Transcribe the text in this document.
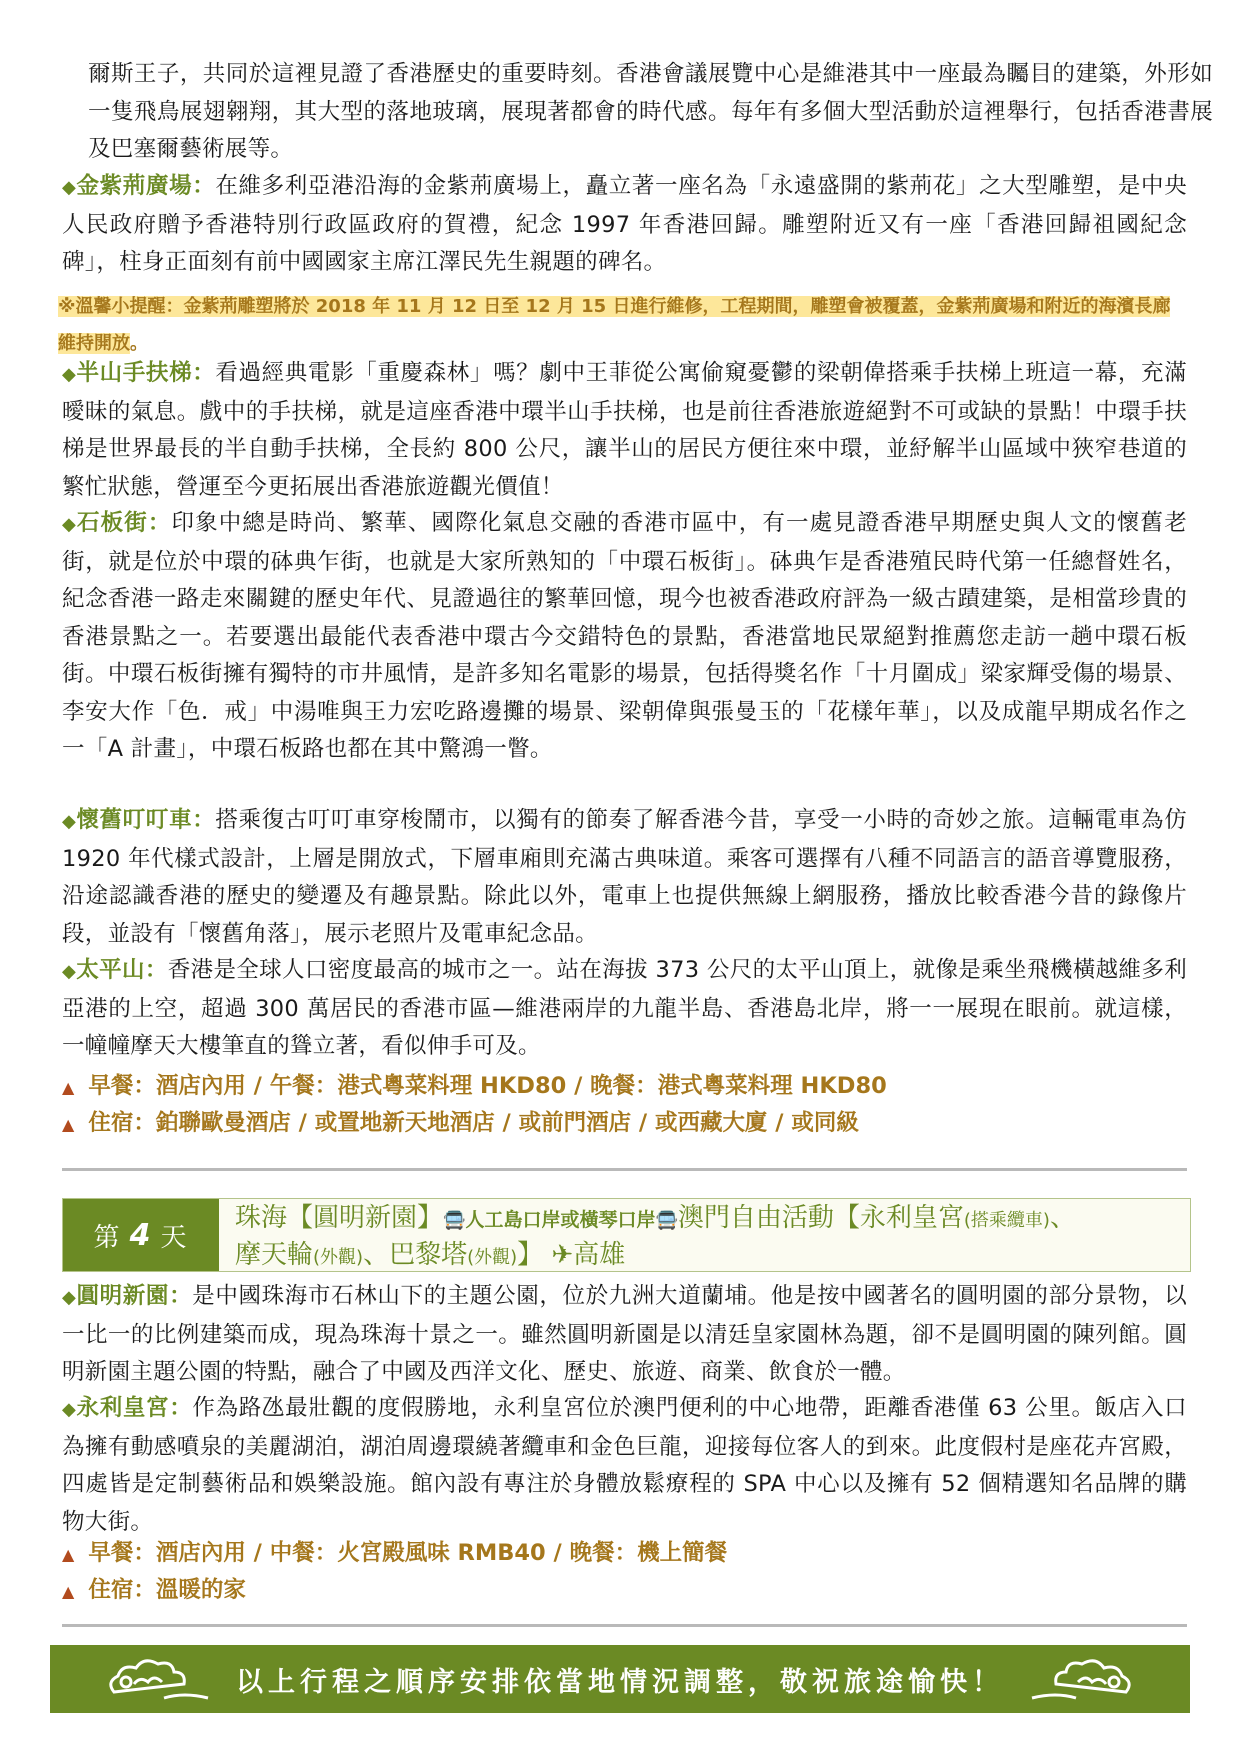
爾斯王子，共同於這裡見證了香港歷史的重要時刻。香港會議展覽中心是維港其中一座最為矚目的建築，外形如一隻飛鳥展翅翱翔，其大型的落地玻璃，展現著都會的時代感。每年有多個大型活動於這裡舉行，包括香港書展及巴塞爾藝術展等。
◆金紫荊廣場：在維多利亞港沿海的金紫荊廣場上，矗立著一座名為「永遠盛開的紫荊花」之大型雕塑，是中央人民政府贈予香港特別行政區政府的賀禮，紀念 1997 年香港回歸。雕塑附近又有一座「香港回歸祖國紀念碑」，柱身正面刻有前中國國家主席江澤民先生親題的碑名。
※溫馨小提醒：金紫荊雕塑將於 2018 年 11 月 12 日至 12 月 15 日進行維修，工程期間，雕塑會被覆蓋，金紫荊廣場和附近的海濱長廊維持開放。
◆半山手扶梯：看過經典電影「重慶森林」嗎？劇中王菲從公寓偷窺憂鬱的梁朝偉搭乘手扶梯上班這一幕，充滿曖昧的氣息。戲中的手扶梯，就是這座香港中環半山手扶梯，也是前往香港旅遊絕對不可或缺的景點！中環手扶梯是世界最長的半自動手扶梯，全長約 800 公尺，讓半山的居民方便往來中環，並紓解半山區域中狹窄巷道的繁忙狀態，營運至今更拓展出香港旅遊觀光價值！
◆石板街：印象中總是時尚、繁華、國際化氣息交融的香港市區中，有一處見證香港早期歷史與人文的懷舊老街，就是位於中環的砵典乍街，也就是大家所熟知的「中環石板街」。砵典乍是香港殖民時代第一任總督姓名，紀念香港一路走來關鍵的歷史年代、見證過往的繁華回憶，現今也被香港政府評為一級古蹟建築，是相當珍貴的香港景點之一。若要選出最能代表香港中環古今交錯特色的景點，香港當地民眾絕對推薦您走訪一趟中環石板街。中環石板街擁有獨特的市井風情，是許多知名電影的場景，包括得獎名作「十月圍成」梁家輝受傷的場景、李安大作「色．戒」中湯唯與王力宏吃路邊攤的場景、梁朝偉與張曼玉的「花樣年華」，以及成龍早期成名作之一「A 計畫」，中環石板路也都在其中驚鴻一瞥。
◆懷舊叮叮車：搭乘復古叮叮車穿梭鬧市，以獨有的節奏了解香港今昔，享受一小時的奇妙之旅。這輛電車為仿 1920 年代樣式設計，上層是開放式，下層車廂則充滿古典味道。乘客可選擇有八種不同語言的語音導覽服務，沿途認識香港的歷史的變遷及有趣景點。除此以外，電車上也提供無線上網服務，播放比較香港今昔的錄像片段，並設有「懷舊角落」，展示老照片及電車紀念品。
◆太平山：香港是全球人口密度最高的城市之一。站在海拔 373 公尺的太平山頂上，就像是乘坐飛機橫越維多利亞港的上空，超過 300 萬居民的香港市區—維港兩岸的九龍半島、香港島北岸，將一一展現在眼前。就這樣，一幢幢摩天大樓筆直的聳立著，看似伸手可及。
▲ 早餐：酒店內用 / 午餐：港式粵菜料理 HKD80 / 晚餐：港式粵菜料理 HKD80
▲ 住宿：鉑聯歐曼酒店 / 或置地新天地酒店 / 或前門酒店 / 或西藏大廈 / 或同級
第 4 天
珠海【圓明新園】🚍人工島口岸或橫琴口岸🚍澳門自由活動【永利皇宮(搭乘纜車)、
摩天輪(外觀)、巴黎塔(外觀)】 ✈高雄
◆圓明新園：是中國珠海市石林山下的主題公園，位於九洲大道蘭埔。他是按中國著名的圓明園的部分景物，以一比一的比例建築而成，現為珠海十景之一。雖然圓明新園是以清廷皇家園林為題，卻不是圓明園的陳列館。圓明新園主題公園的特點，融合了中國及西洋文化、歷史、旅遊、商業、飲食於一體。
◆永利皇宮：作為路氹最壯觀的度假勝地，永利皇宮位於澳門便利的中心地帶，距離香港僅 63 公里。飯店入口為擁有動感噴泉的美麗湖泊，湖泊周邊環繞著纜車和金色巨龍，迎接每位客人的到來。此度假村是座花卉宮殿，四處皆是定制藝術品和娛樂設施。館內設有專注於身體放鬆療程的 SPA 中心以及擁有 52 個精選知名品牌的購物大街。
▲ 早餐：酒店內用 / 中餐：火宮殿風味 RMB40 / 晚餐：機上簡餐
▲ 住宿：溫暖的家
以上行程之順序安排依當地情況調整，敬祝旅途愉快！
